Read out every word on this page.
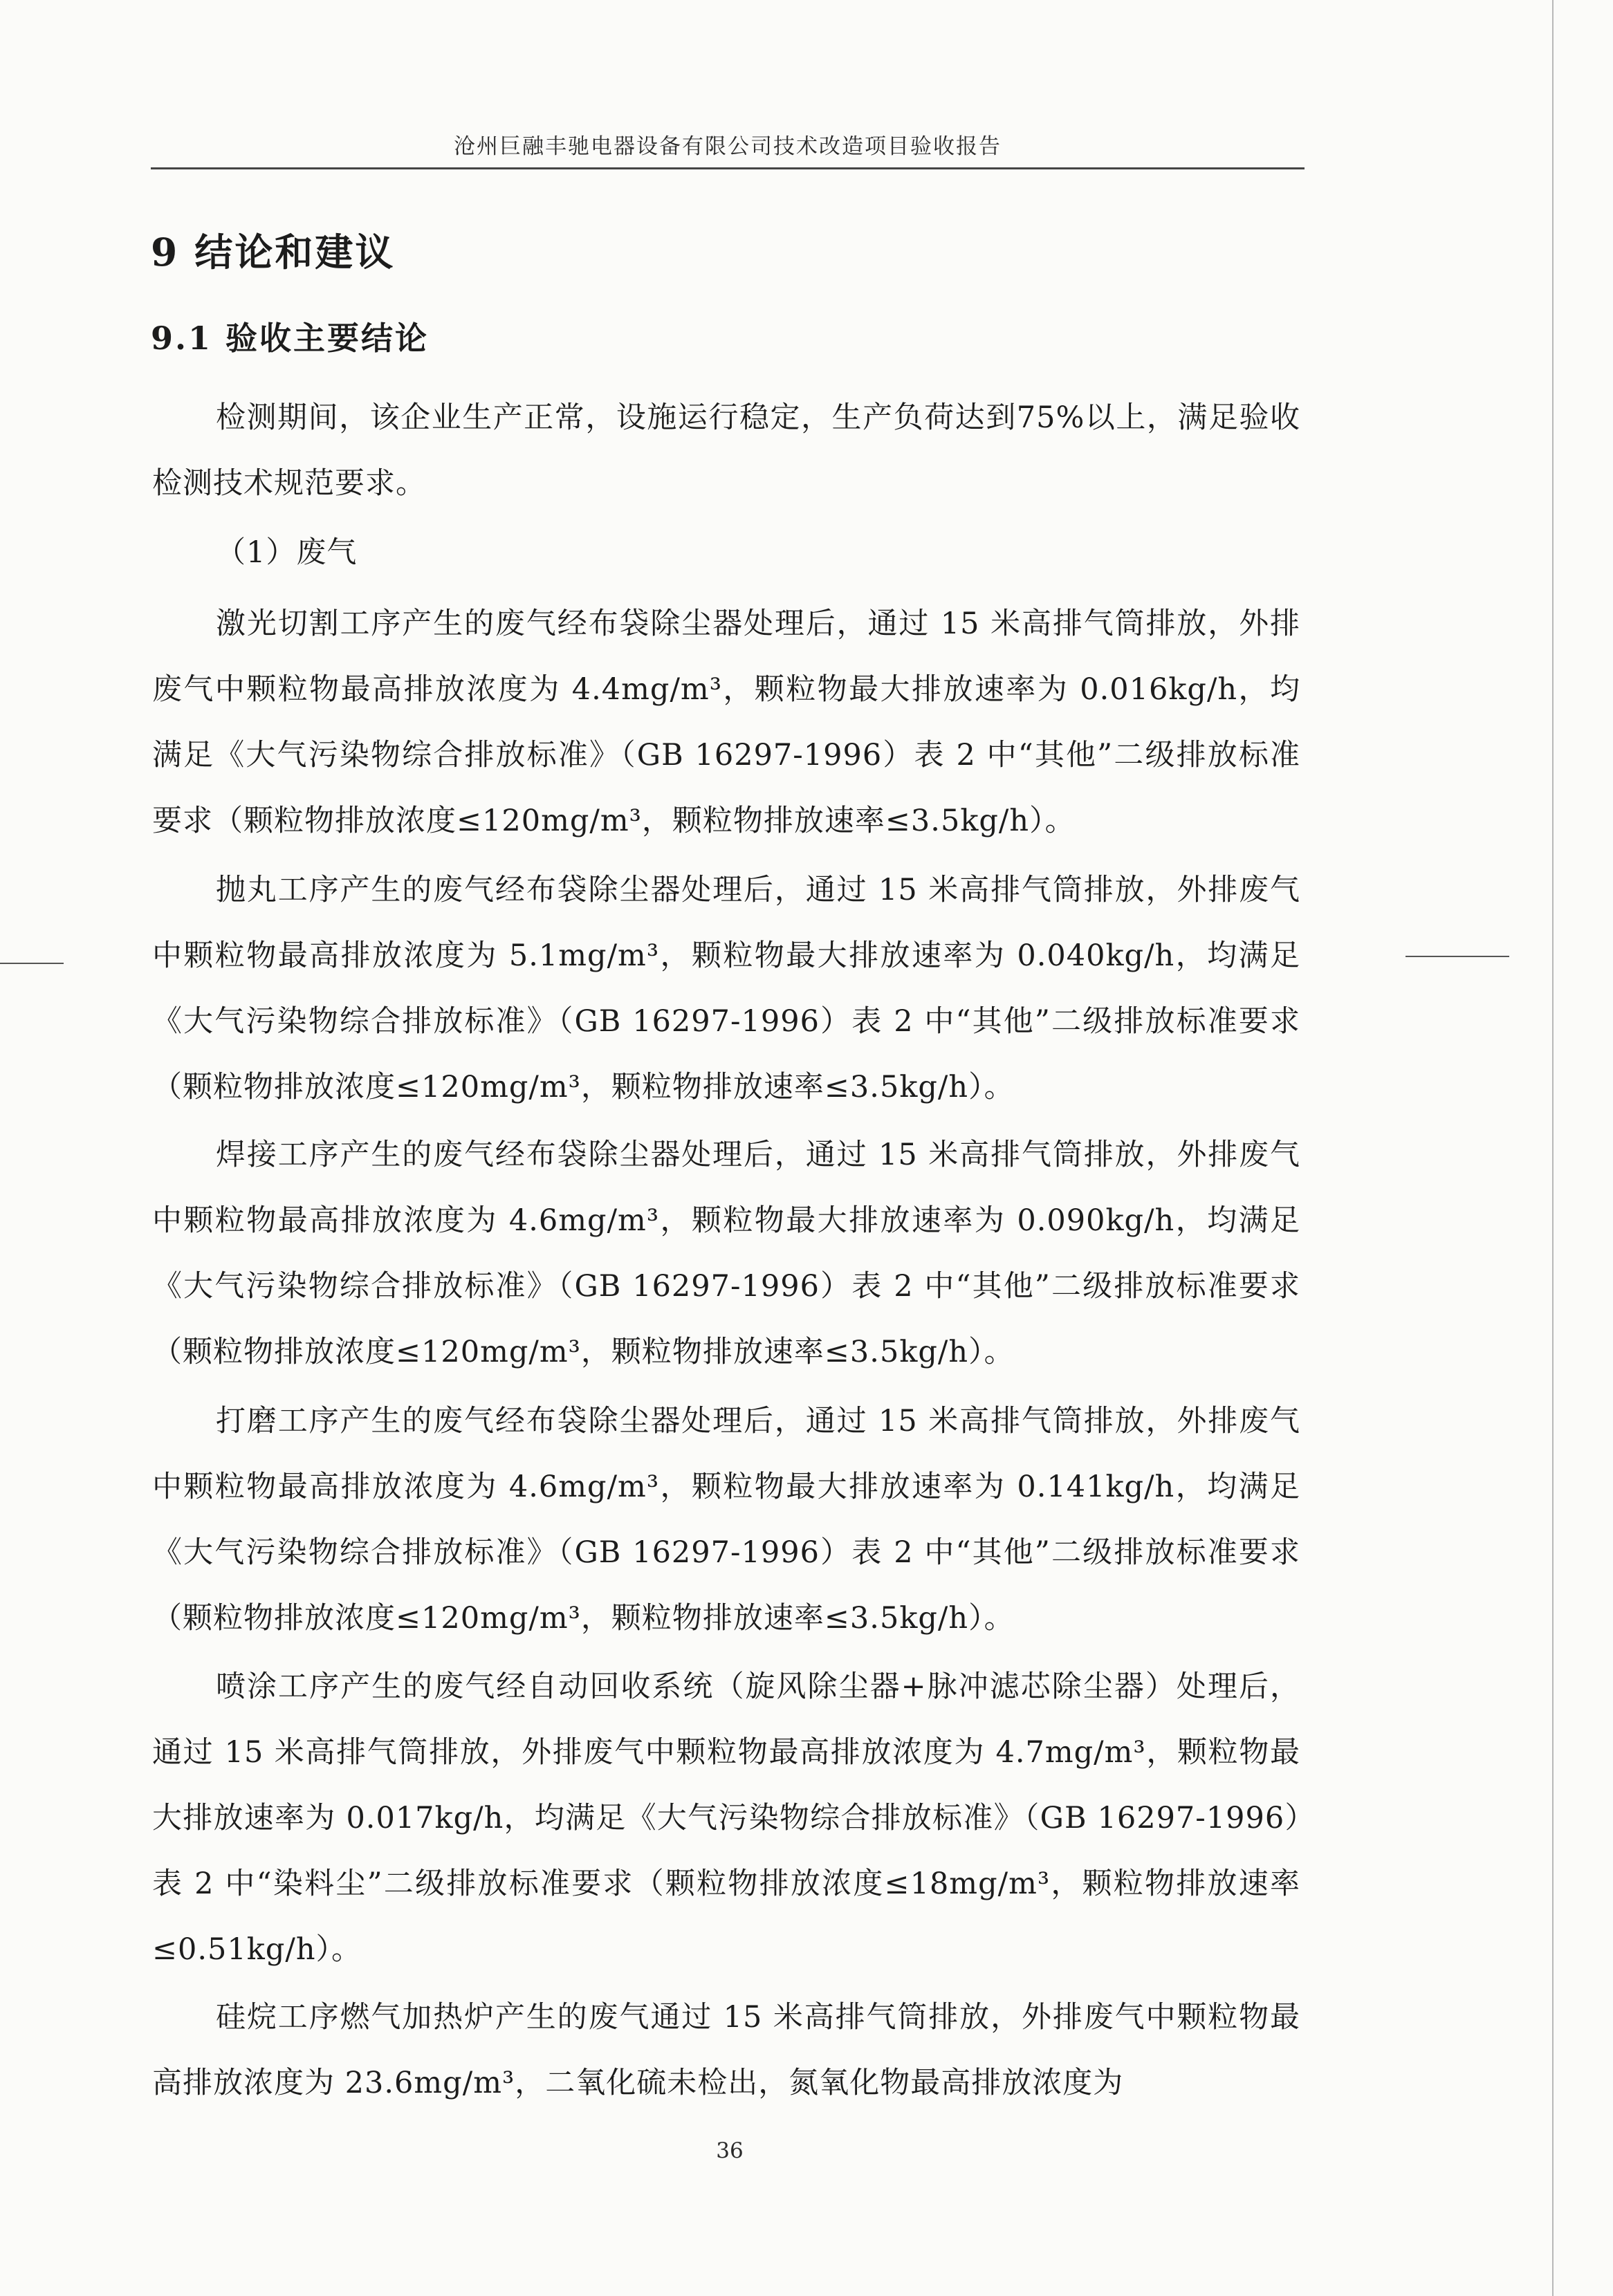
沧州巨融丰驰电器设备有限公司技术改造项目验收报告
9 结论和建议
9.1 验收主要结论

检测期间，该企业生产正常，设施运行稳定，生产负荷达到75%以上，满足验收检测技术规范要求。

（1）废气

激光切割工序产生的废气经布袋除尘器处理后，通过 15 米高排气筒排放，外排废气中颗粒物最高排放浓度为 4.4mg/m³，颗粒物最大排放速率为 0.016kg/h，均满足《大气污染物综合排放标准》（GB 16297-1996）表 2 中“其他”二级排放标准要求（颗粒物排放浓度≤120mg/m³，颗粒物排放速率≤3.5kg/h）。

抛丸工序产生的废气经布袋除尘器处理后，通过 15 米高排气筒排放，外排废气中颗粒物最高排放浓度为 5.1mg/m³，颗粒物最大排放速率为 0.040kg/h，均满足《大气污染物综合排放标准》（GB 16297-1996）表 2 中“其他”二级排放标准要求（颗粒物排放浓度≤120mg/m³，颗粒物排放速率≤3.5kg/h）。

焊接工序产生的废气经布袋除尘器处理后，通过 15 米高排气筒排放，外排废气中颗粒物最高排放浓度为 4.6mg/m³，颗粒物最大排放速率为 0.090kg/h，均满足《大气污染物综合排放标准》（GB 16297-1996）表 2 中“其他”二级排放标准要求（颗粒物排放浓度≤120mg/m³，颗粒物排放速率≤3.5kg/h）。

打磨工序产生的废气经布袋除尘器处理后，通过 15 米高排气筒排放，外排废气中颗粒物最高排放浓度为 4.6mg/m³，颗粒物最大排放速率为 0.141kg/h，均满足《大气污染物综合排放标准》（GB 16297-1996）表 2 中“其他”二级排放标准要求（颗粒物排放浓度≤120mg/m³，颗粒物排放速率≤3.5kg/h）。

喷涂工序产生的废气经自动回收系统（旋风除尘器+脉冲滤芯除尘器）处理后，通过 15 米高排气筒排放，外排废气中颗粒物最高排放浓度为 4.7mg/m³，颗粒物最大排放速率为 0.017kg/h，均满足《大气污染物综合排放标准》（GB 16297-1996）表 2 中“染料尘”二级排放标准要求（颗粒物排放浓度≤18mg/m³，颗粒物排放速率≤0.51kg/h）。

硅烷工序燃气加热炉产生的废气通过 15 米高排气筒排放，外排废气中颗粒物最高排放浓度为 23.6mg/m³，二氧化硫未检出，氮氧化物最高排放浓度为

36
